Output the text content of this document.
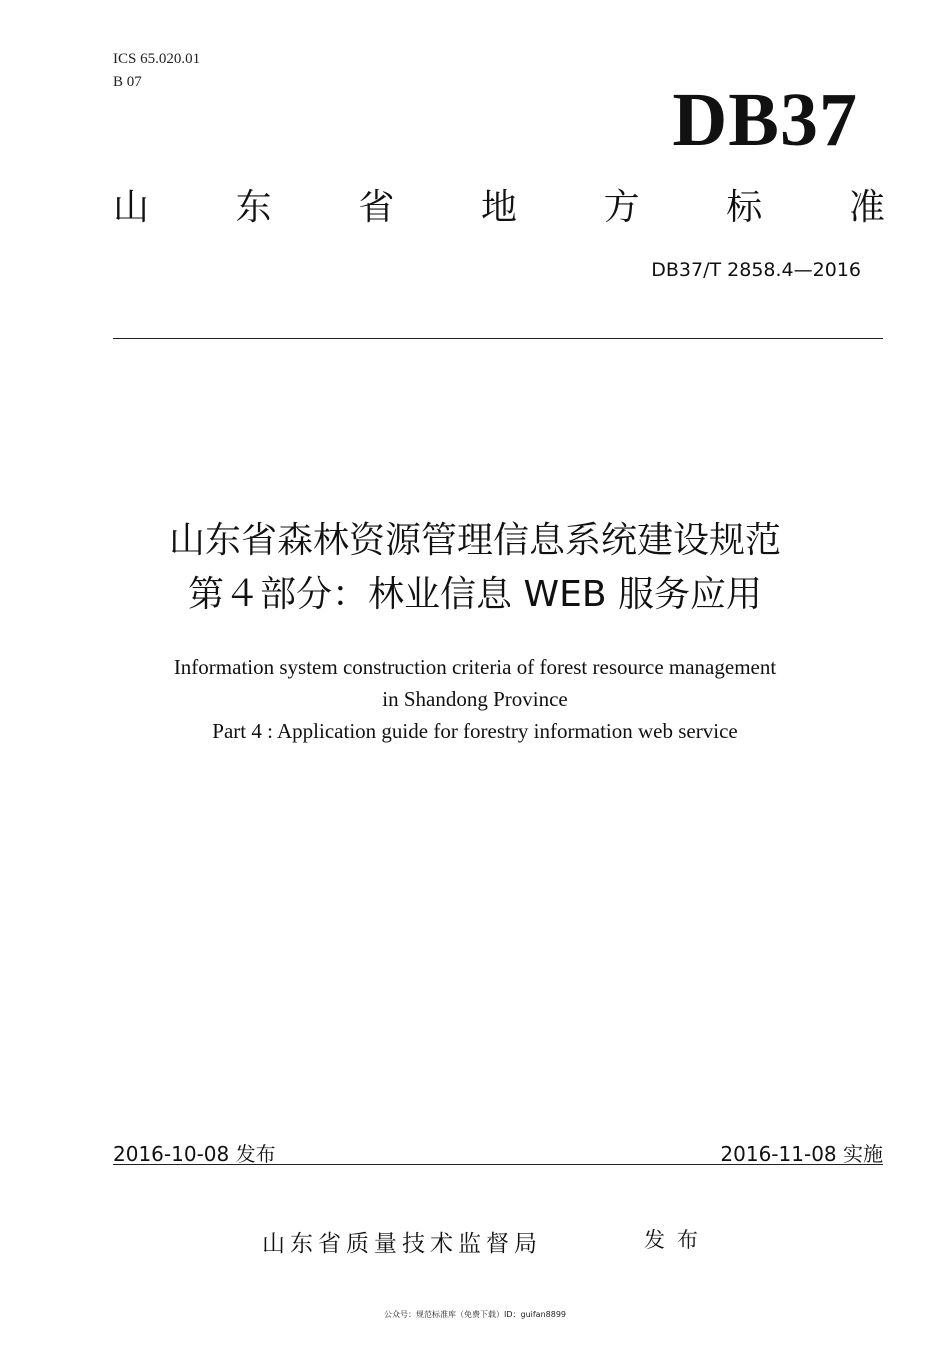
ICS 65.020.01
B 07	DB37
山 东 省 地 方 标 准
DB37/T 2858.4—2016
山东省森林资源管理信息系统建设规范
第４部分：林业信息 WEB 服务应用
Information system construction criteria of forest resource management
in Shandong Province
Part 4 : Application guide for forestry information web service
2016-10-08 发布	2016-11-08 实施
山东省质量技术监督局	发布
公众号：规范标准库（免费下载）ID：guifan8899
